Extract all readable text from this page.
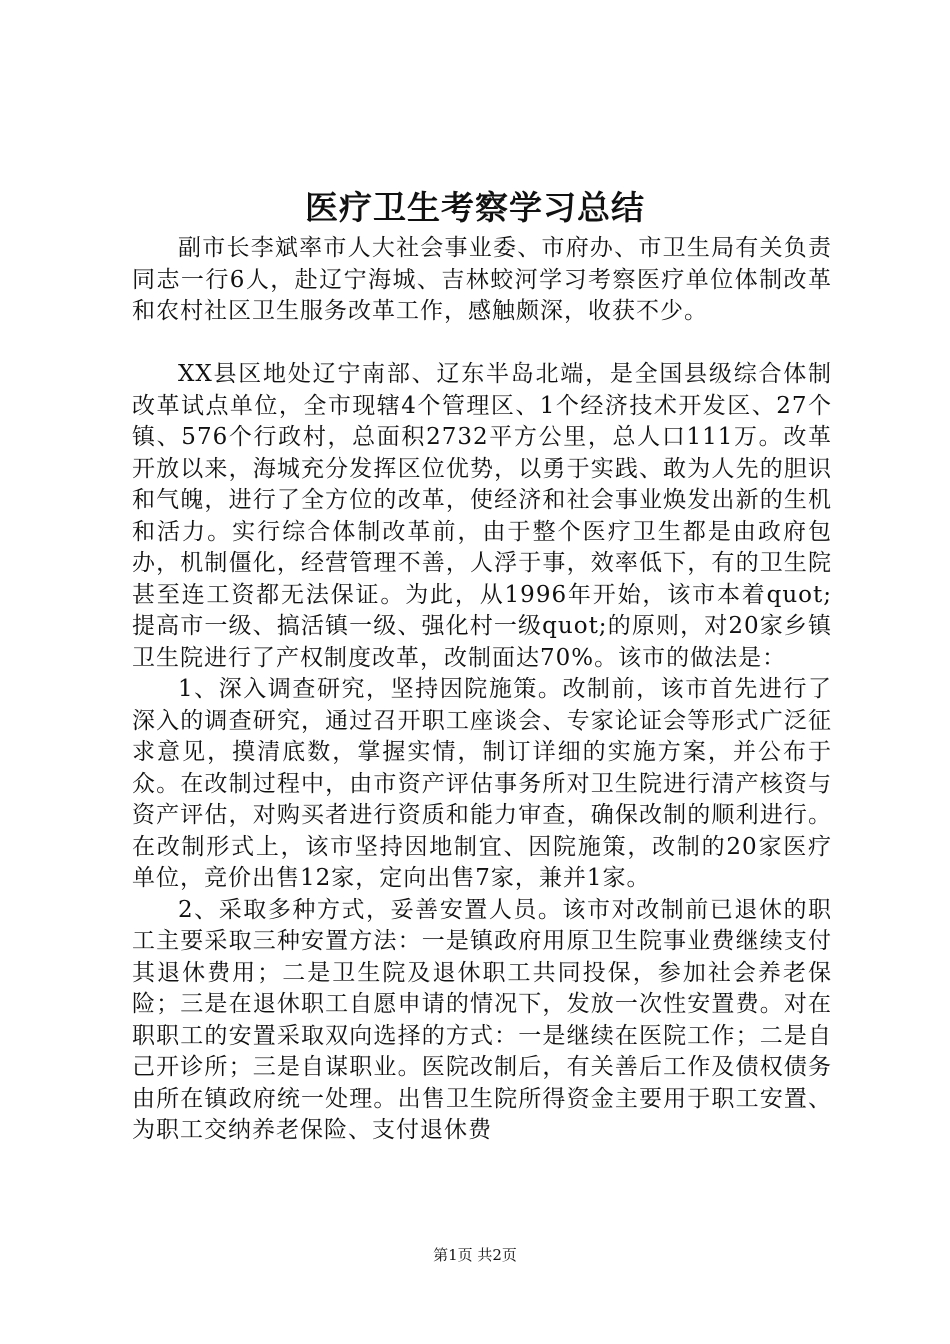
医疗卫生考察学习总结

副市长李斌率市人大社会事业委、市府办、市卫生局有关负责同志一行6人，赴辽宁海城、吉林蛟河学习考察医疗单位体制改革和农村社区卫生服务改革工作，感触颇深，收获不少。

XX县区地处辽宁南部、辽东半岛北端，是全国县级综合体制改革试点单位，全市现辖4个管理区、1个经济技术开发区、27个镇、576个行政村，总面积2732平方公里，总人口111万。改革开放以来，海城充分发挥区位优势，以勇于实践、敢为人先的胆识和气魄，进行了全方位的改革，使经济和社会事业焕发出新的生机和活力。实行综合体制改革前，由于整个医疗卫生都是由政府包办，机制僵化，经营管理不善，人浮于事，效率低下，有的卫生院甚至连工资都无法保证。为此，从1996年开始，该市本着quot;提高市一级、搞活镇一级、强化村一级quot;的原则，对20家乡镇卫生院进行了产权制度改革，改制面达70%。该市的做法是：

1、深入调查研究，坚持因院施策。改制前，该市首先进行了深入的调查研究，通过召开职工座谈会、专家论证会等形式广泛征求意见，摸清底数，掌握实情，制订详细的实施方案，并公布于众。在改制过程中，由市资产评估事务所对卫生院进行清产核资与资产评估，对购买者进行资质和能力审查，确保改制的顺利进行。在改制形式上，该市坚持因地制宜、因院施策，改制的20家医疗单位，竞价出售12家，定向出售7家，兼并1家。

2、采取多种方式，妥善安置人员。该市对改制前已退休的职工主要采取三种安置方法：一是镇政府用原卫生院事业费继续支付其退休费用；二是卫生院及退休职工共同投保，参加社会养老保险；三是在退休职工自愿申请的情况下，发放一次性安置费。对在职职工的安置采取双向选择的方式：一是继续在医院工作；二是自己开诊所；三是自谋职业。医院改制后，有关善后工作及债权债务由所在镇政府统一处理。出售卫生院所得资金主要用于职工安置、为职工交纳养老保险、支付退休费

第1页 共2页
